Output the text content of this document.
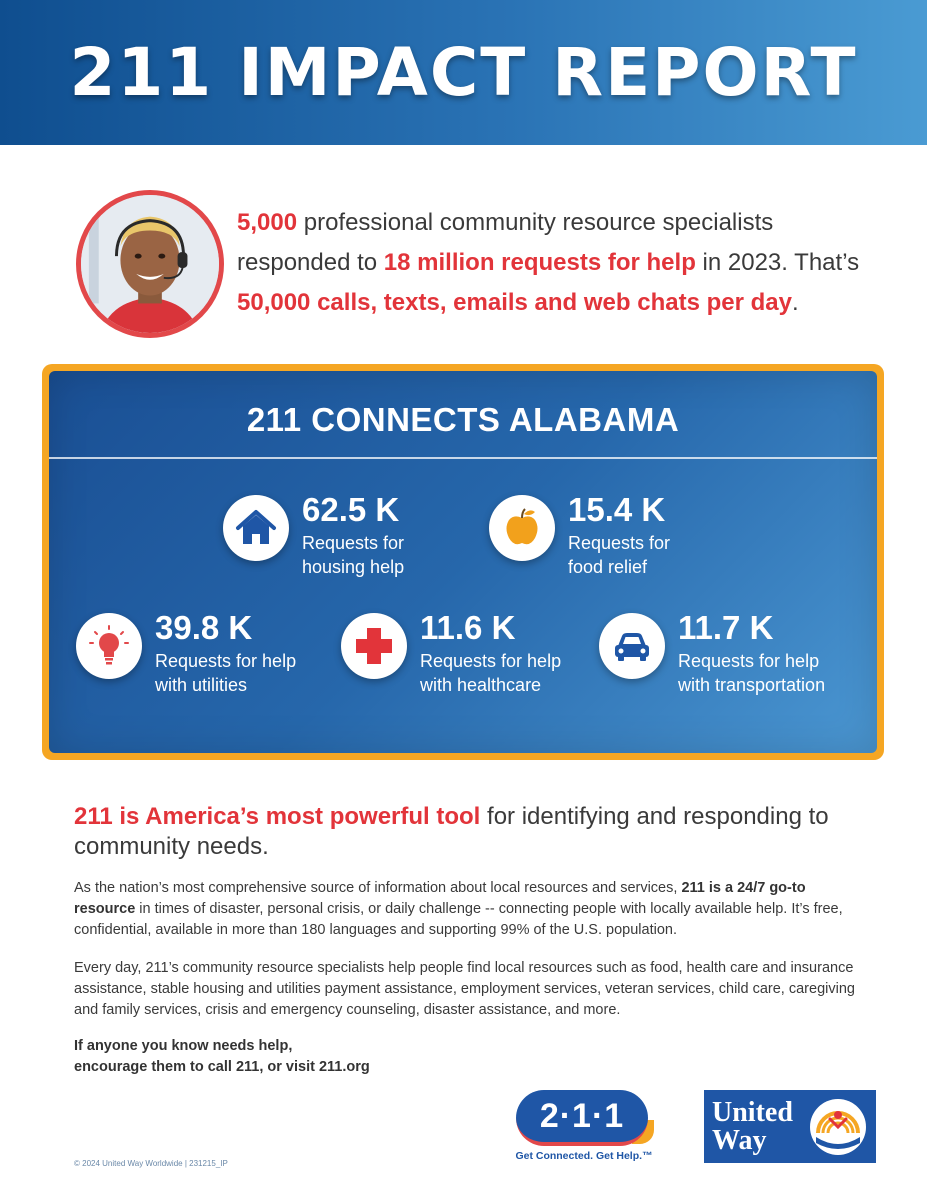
211 IMPACT REPORT
5,000 professional community resource specialists responded to 18 million requests for help in 2023. That’s 50,000 calls, texts, emails and web chats per day.
211 CONNECTS ALABAMA
62.5 K
Requests for
housing help
15.4 K
Requests for
food relief
39.8 K
Requests for help
with utilities
11.6 K
Requests for help
with healthcare
11.7 K
Requests for help
with transportation
211 is America’s most powerful tool for identifying and responding to community needs.
As the nation’s most comprehensive source of information about local resources and services, 211 is a 24/7 go-to resource in times of disaster, personal crisis, or daily challenge -- connecting people with locally available help. It’s free, confidential, available in more than 180 languages and supporting 99% of the U.S. population.
Every day, 211’s community resource specialists help people find local resources such as food, health care and insurance assistance, stable housing and utilities payment assistance, employment services, veteran services, child care, caregiving and family services, crisis and emergency counseling, disaster assistance, and more.
If anyone you know needs help,
encourage them to call 211, or visit 211.org
2·1·1
Get Connected. Get Help.™
United
Way
© 2024 United Way Worldwide | 231215_IP
